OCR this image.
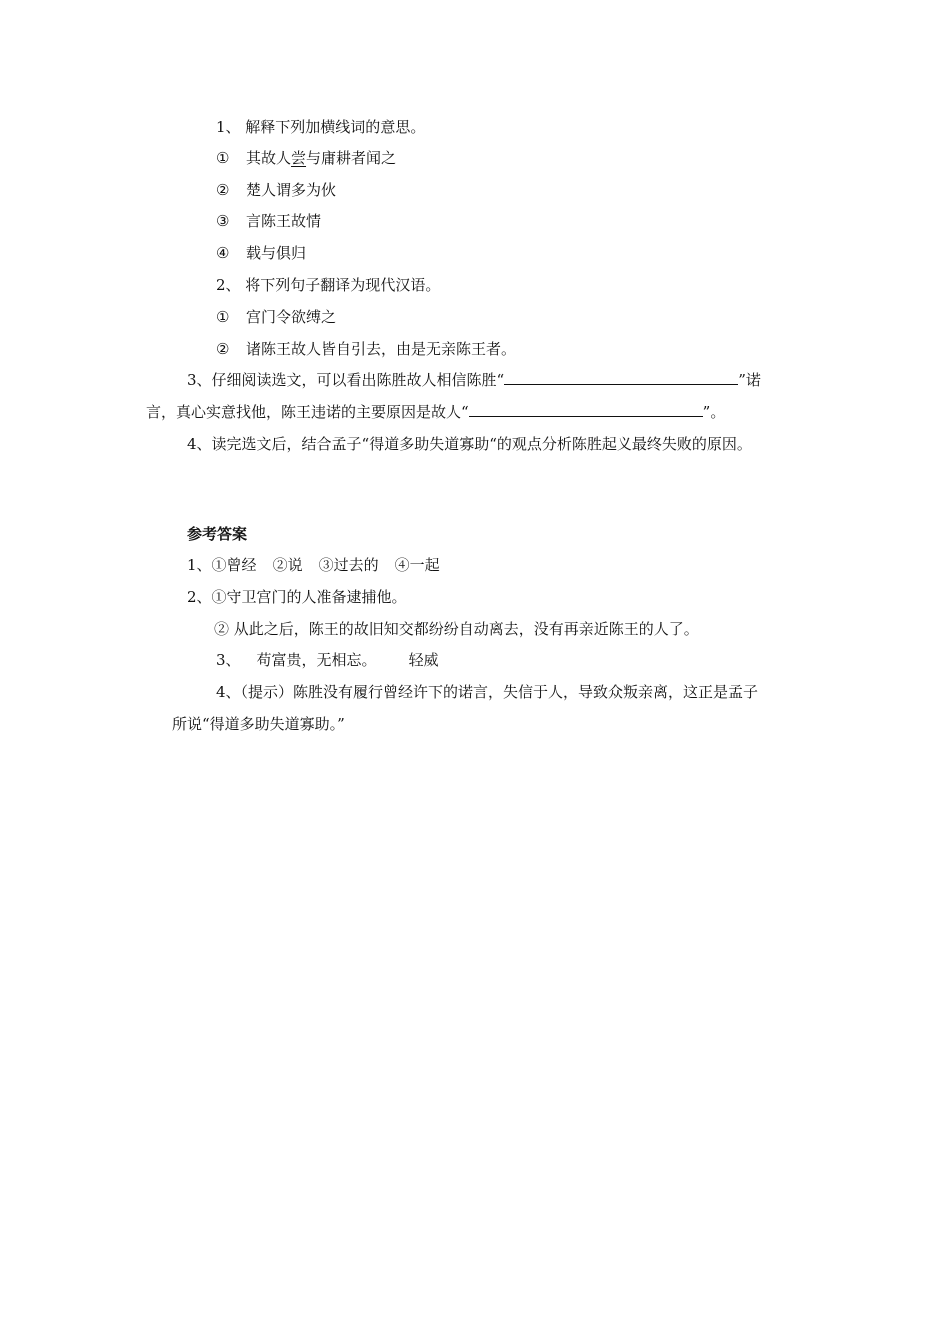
1、 解释下列加横线词的意思。
① 其故人尝与庸耕者闻之
② 楚人谓多为伙
③ 言陈王故情
④ 载与俱归
2、 将下列句子翻译为现代汉语。
① 宫门令欲缚之
② 诸陈王故人皆自引去，由是无亲陈王者。
3、仔细阅读选文，可以看出陈胜故人相信陈胜“	”诺
言，真心实意找他，陈王违诺的主要原因是故人“	”。
4、读完选文后，结合孟子“得道多助失道寡助“的观点分析陈胜起义最终失败的原因。
参考答案
1、①曾经 ②说 ③过去的 ④一起
2、①守卫宫门的人准备逮捕他。
② 从此之后，陈王的故旧知交都纷纷自动离去，没有再亲近陈王的人了。
3、 苟富贵，无相忘。 轻威
4、（提示）陈胜没有履行曾经许下的诺言，失信于人，导致众叛亲离，这正是孟子
所说“得道多助失道寡助。”
